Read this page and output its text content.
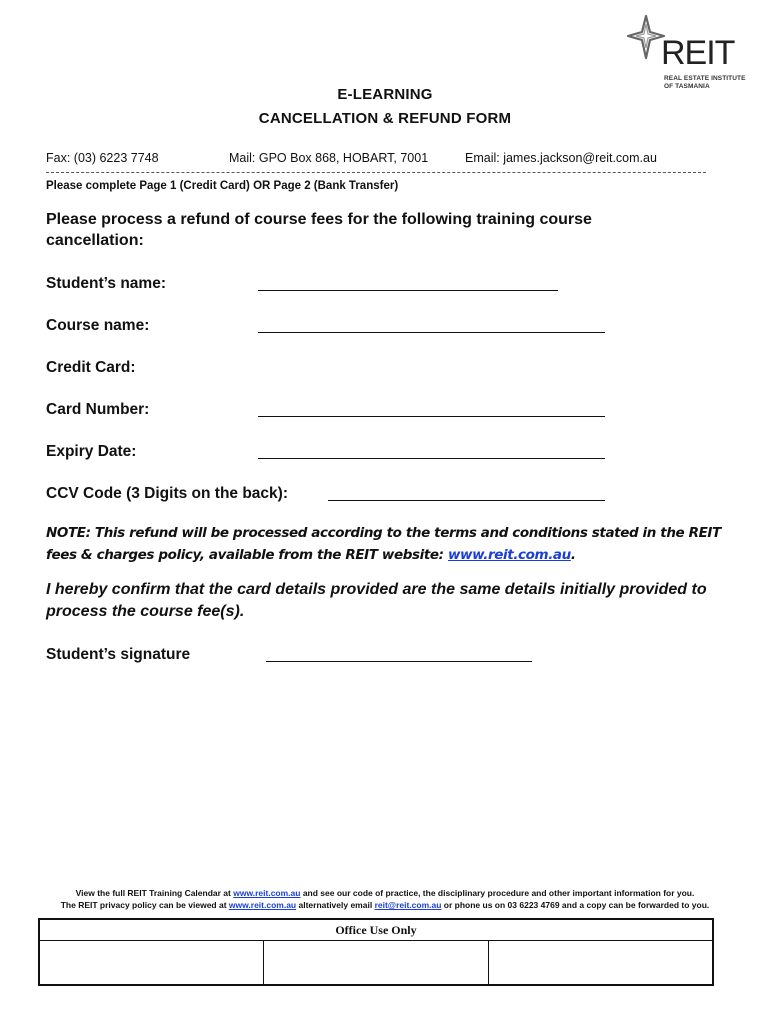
REIT
REAL ESTATE INSTITUTE
OF TASMANIA
E-LEARNING
CANCELLATION & REFUND FORM
Fax: (03) 6223 7748	Mail: GPO Box 868, HOBART, 7001	Email: james.jackson@reit.com.au
Please complete Page 1 (Credit Card) OR Page 2 (Bank Transfer)
Please process a refund of course fees for the following training course cancellation:
Student’s name:
Course name:
Credit Card:
Card Number:
Expiry Date:
CCV Code (3 Digits on the back):
NOTE: This refund will be processed according to the terms and conditions stated in the REIT fees & charges policy, available from the REIT website: www.reit.com.au.
I hereby confirm that the card details provided are the same details initially provided to process the course fee(s).
Student’s signature
View the full REIT Training Calendar at www.reit.com.au and see our code of practice, the disciplinary procedure and other important information for you.
The REIT privacy policy can be viewed at www.reit.com.au alternatively email reit@reit.com.au or phone us on 03 6223 4769 and a copy can be forwarded to you.
Office Use Only
